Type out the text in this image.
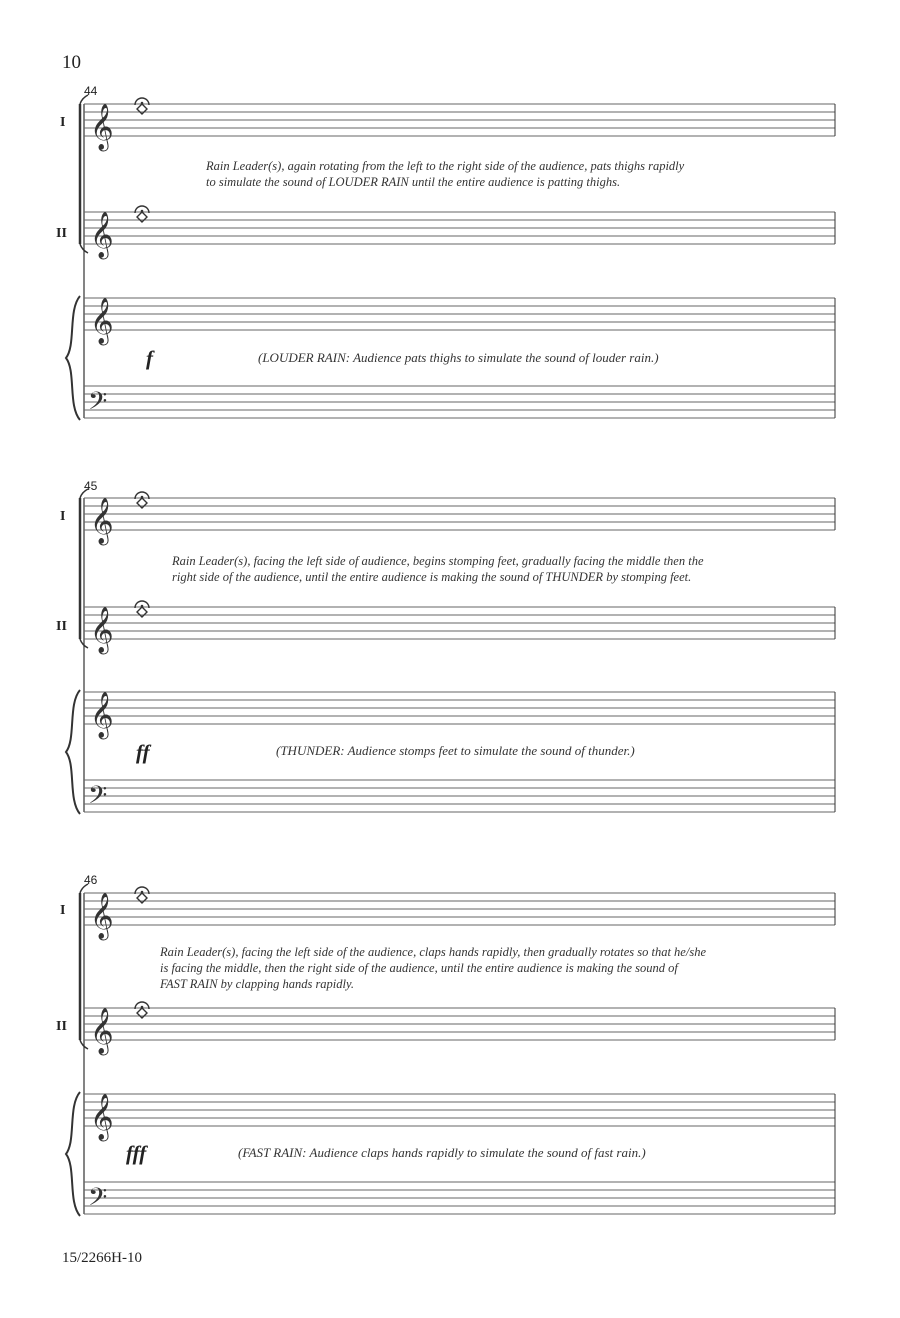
10
44
I
II
𝄞
𝄞
𝄞
𝄢
Rain Leader(s), again rotating from the left to the right side of the audience, pats thighs rapidly
to simulate the sound of LOUDER RAIN until the entire audience is patting thighs.
f	(LOUDER RAIN: Audience pats thighs to simulate the sound of louder rain.)
45
I
II
𝄞
𝄞
𝄞
𝄢
Rain Leader(s), facing the left side of audience, begins stomping feet, gradually facing the middle then the
right side of the audience, until the entire audience is making the sound of THUNDER by stomping feet.
ff	(THUNDER: Audience stomps feet to simulate the sound of thunder.)
46
I
II
𝄞
𝄞
𝄞
𝄢
Rain Leader(s), facing the left side of the audience, claps hands rapidly, then gradually rotates so that he/she
is facing the middle, then the right side of the audience, until the entire audience is making the sound of
FAST RAIN by clapping hands rapidly.
fff	(FAST RAIN: Audience claps hands rapidly to simulate the sound of fast rain.)
15/2266H-10
